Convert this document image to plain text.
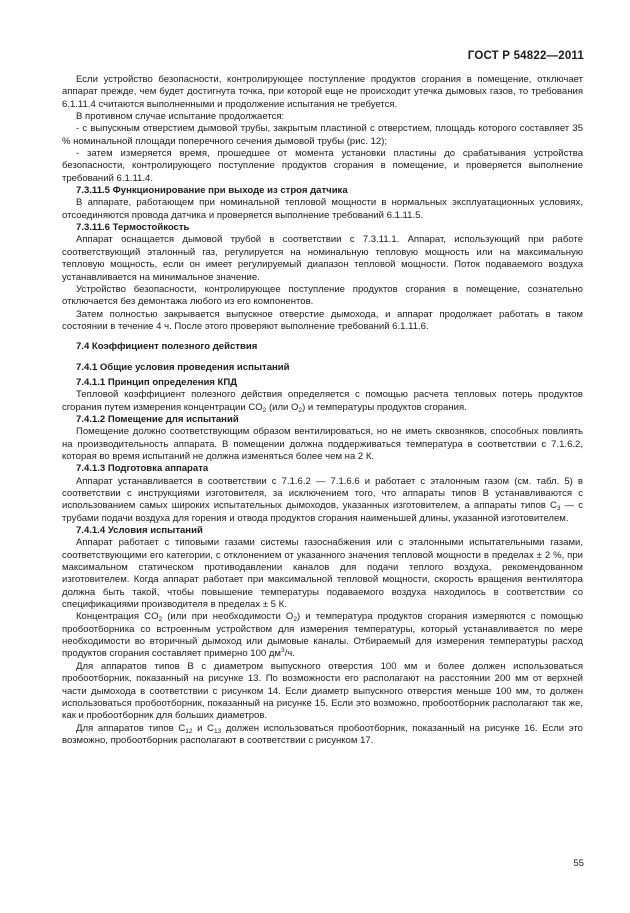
ГОСТ Р 54822—2011

Если устройство безопасности, контролирующее поступление продуктов сгорания в помещение, отключает аппарат прежде, чем будет достигнута точка, при которой еще не происходит утечка дымовых газов, то требования 6.1.11.4 считаются выполненными и продолжение испытания не требуется.

В противном случае испытание продолжается:

- с выпускным отверстием дымовой трубы, закрытым пластиной с отверстием, площадь которого составляет 35 % номинальной площади поперечного сечения дымовой трубы (рис. 12);

- затем измеряется время, прошедшее от момента установки пластины до срабатывания устройства безопасности, контролирующего поступление продуктов сгорания в помещение, и проверяется выполнение требований 6.1.11.4.

7.3.11.5 Функционирование при выходе из строя датчика

В аппарате, работающем при номинальной тепловой мощности в нормальных эксплуатационных условиях, отсоединяются провода датчика и проверяется выполнение требований 6.1.11.5.

7.3.11.6 Термостойкость

Аппарат оснащается дымовой трубой в соответствии с 7.3.11.1. Аппарат, использующий при работе соответствующий эталонный газ, регулируется на номинальную тепловую мощность или на максимальную тепловую мощность, если он имеет регулируемый диапазон тепловой мощности. Поток подаваемого воздуха устанавливается на минимальное значение.

Устройство безопасности, контролирующее поступление продуктов сгорания в помещение, сознательно отключается без демонтажа любого из его компонентов.

Затем полностью закрывается выпускное отверстие дымохода, и аппарат продолжает работать в таком состоянии в течение 4 ч. После этого проверяют выполнение требований 6.1.11.6.

7.4 Коэффициент полезного действия

7.4.1 Общие условия проведения испытаний

7.4.1.1 Принцип определения КПД

Тепловой коэффициент полезного действия определяется с помощью расчета тепловых потерь продуктов сгорания путем измерения концентрации $CO_2$ (или $O_2$) и температуры продуктов сгорания.

7.4.1.2 Помещение для испытаний

Помещение должно соответствующим образом вентилироваться, но не иметь сквозняков, способных повлиять на производительность аппарата. В помещении должна поддерживаться температура в соответствии с 7.1.6.2, которая во время испытаний не должна изменяться более чем на 2 К.

7.4.1.3 Подготовка аппарата

Аппарат устанавливается в соответствии с 7.1.6.2 — 7.1.6.6 и работает с эталонным газом (см. табл. 5) в соответствии с инструкциями изготовителя, за исключением того, что аппараты типов B устанавливаются с использованием самых широких испытательных дымоходов, указанных изготовителем, а аппараты типов $C_3$ — с трубами подачи воздуха для горения и отвода продуктов сгорания наименьшей длины, указанной изготовителем.

7.4.1.4 Условия испытаний

Аппарат работает с типовыми газами системы газоснабжения или с эталонными испытательными газами, соответствующими его категории, с отклонением от указанного значения тепловой мощности в пределах ± 2 %, при максимальном статическом противодавлении каналов для подачи теплого воздуха, рекомендованном изготовителем. Когда аппарат работает при максимальной тепловой мощности, скорость вращения вентилятора должна быть такой, чтобы повышение температуры подаваемого воздуха находилось в соответствии со спецификациями производителя в пределах ± 5 К.

Концентрация $CO_2$ (или при необходимости $O_2$) и температура продуктов сгорания измеряются с помощью пробоотборника со встроенным устройством для измерения температуры, который устанавливается по мере необходимости во вторичный дымоход или дымовые каналы. Отбираемый для измерения температуры расход продуктов сгорания составляет примерно 100 $дм^3/ч$.

Для аппаратов типов B с диаметром выпускного отверстия 100 мм и более должен использоваться пробоотборник, показанный на рисунке 13. По возможности его располагают на расстоянии 200 мм от верхней части дымохода в соответствии с рисунком 14. Если диаметр выпускного отверстия меньше 100 мм, то должен использоваться пробоотборник, показанный на рисунке 15. Если это возможно, пробоотборник располагают так же, как и пробоотборник для больших диаметров.

Для аппаратов типов $C_{12}$ и $C_{13}$ должен использоваться пробоотборник, показанный на рисунке 16. Если это возможно, пробоотборник располагают в соответствии с рисунком 17.

55
